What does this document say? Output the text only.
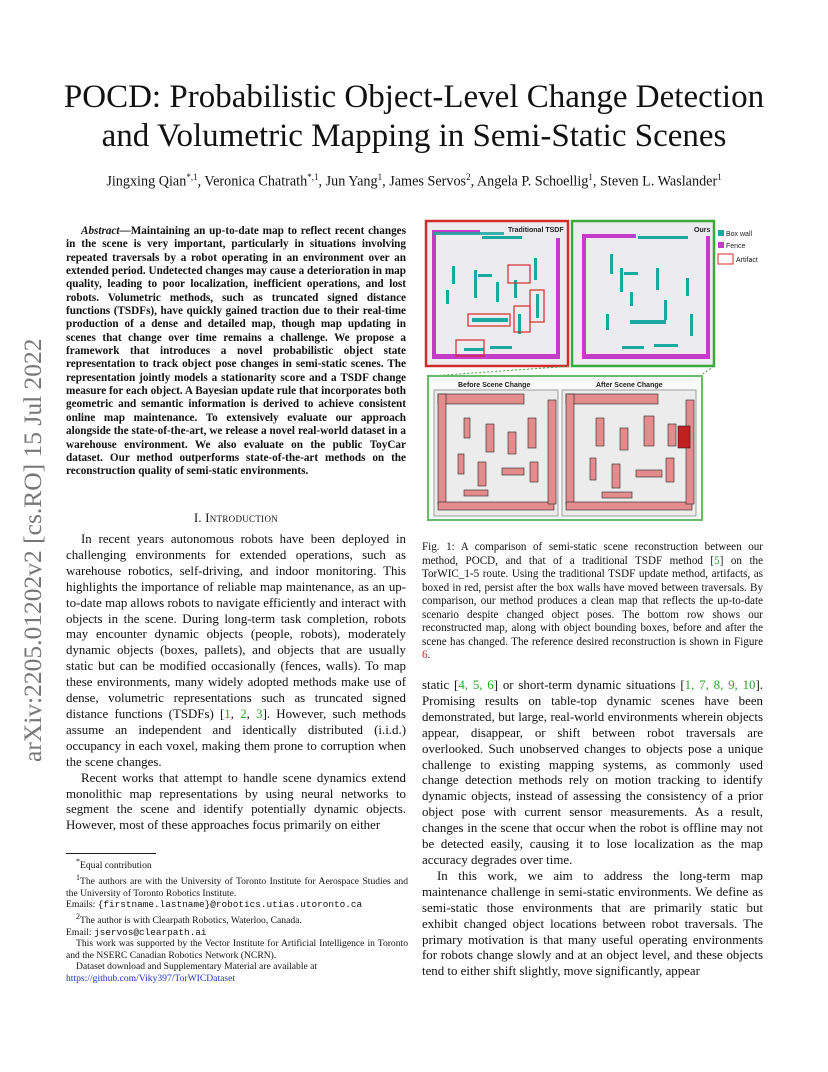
POCD: Probabilistic Object-Level Change Detection
and Volumetric Mapping in Semi-Static Scenes
Jingxing Qian$^{*,1}$, Veronica Chatrath$^{*,1}$, Jun Yang$^1$, James Servos$^2$, Angela P. Schoellig$^1$, Steven L. Waslander$^1$
arXiv:2205.01202v2 [cs.RO] 15 Jul 2022
Abstract—Maintaining an up-to-date map to reflect recent changes in the scene is very important, particularly in situations involving repeated traversals by a robot operating in an environment over an extended period. Undetected changes may cause a deterioration in map quality, leading to poor localization, inefficient operations, and lost robots. Volumetric methods, such as truncated signed distance functions (TSDFs), have quickly gained traction due to their real-time production of a dense and detailed map, though map updating in scenes that change over time remains a challenge. We propose a framework that introduces a novel probabilistic object state representation to track object pose changes in semi-static scenes. The representation jointly models a stationarity score and a TSDF change measure for each object. A Bayesian update rule that incorporates both geometric and semantic information is derived to achieve consistent online map maintenance. To extensively evaluate our approach alongside the state-of-the-art, we release a novel real-world dataset in a warehouse environment. We also evaluate on the public ToyCar dataset. Our method outperforms state-of-the-art methods on the reconstruction quality of semi-static environments.
I. Introduction

In recent years autonomous robots have been deployed in challenging environments for extended operations, such as warehouse robotics, self-driving, and indoor monitoring. This highlights the importance of reliable map maintenance, as an up-to-date map allows robots to navigate efficiently and interact with objects in the scene. During long-term task completion, robots may encounter dynamic objects (people, robots), moderately dynamic objects (boxes, pallets), and objects that are usually static but can be modified occasionally (fences, walls). To map these environments, many widely adopted methods make use of dense, volumetric representations such as truncated signed distance functions (TSDFs) [1, 2, 3]. However, such methods assume an independent and identically distributed (i.i.d.) occupancy in each voxel, making them prone to corruption when the scene changes.

Recent works that attempt to handle scene dynamics extend monolithic map representations by using neural networks to segment the scene and identify potentially dynamic objects. However, most of these approaches focus primarily on either

*Equal contribution

$^1$The authors are with the University of Toronto Institute for Aerospace Studies and the University of Toronto Robotics Institute.

Emails: {firstname.lastname}@robotics.utias.utoronto.ca

$^2$The author is with Clearpath Robotics, Waterloo, Canada.

Email: jservos@clearpath.ai

This work was supported by the Vector Institute for Artificial Intelligence in Toronto and the NSERC Canadian Robotics Network (NCRN).

Dataset download and Supplementary Material are available at

https://github.com/Viky397/TorWICDataset

Traditional TSDF	Ours
Box wall
Fence
Artifact
Before Scene Change	After Scene Change
Fig. 1: A comparison of semi-static scene reconstruction between our method, POCD, and that of a traditional TSDF method [5] on the TorWIC_1-5 route. Using the traditional TSDF update method, artifacts, as boxed in red, persist after the box walls have moved between traversals. By comparison, our method produces a clean map that reflects the up-to-date scenario despite changed object poses. The bottom row shows our reconstructed map, along with object bounding boxes, before and after the scene has changed. The reference desired reconstruction is shown in Figure 6.
static [4, 5, 6] or short-term dynamic situations [1, 7, 8, 9, 10]. Promising results on table-top dynamic scenes have been demonstrated, but large, real-world environments wherein objects appear, disappear, or shift between robot traversals are overlooked. Such unobserved changes to objects pose a unique challenge to existing mapping systems, as commonly used change detection methods rely on motion tracking to identify dynamic objects, instead of assessing the consistency of a prior object pose with current sensor measurements. As a result, changes in the scene that occur when the robot is offline may not be detected easily, causing it to lose localization as the map accuracy degrades over time.

In this work, we aim to address the long-term map maintenance challenge in semi-static environments. We define as semi-static those environments that are primarily static but exhibit changed object locations between robot traversals. The primary motivation is that many useful operating environments for robots change slowly and at an object level, and these objects tend to either shift slightly, move significantly, appear
